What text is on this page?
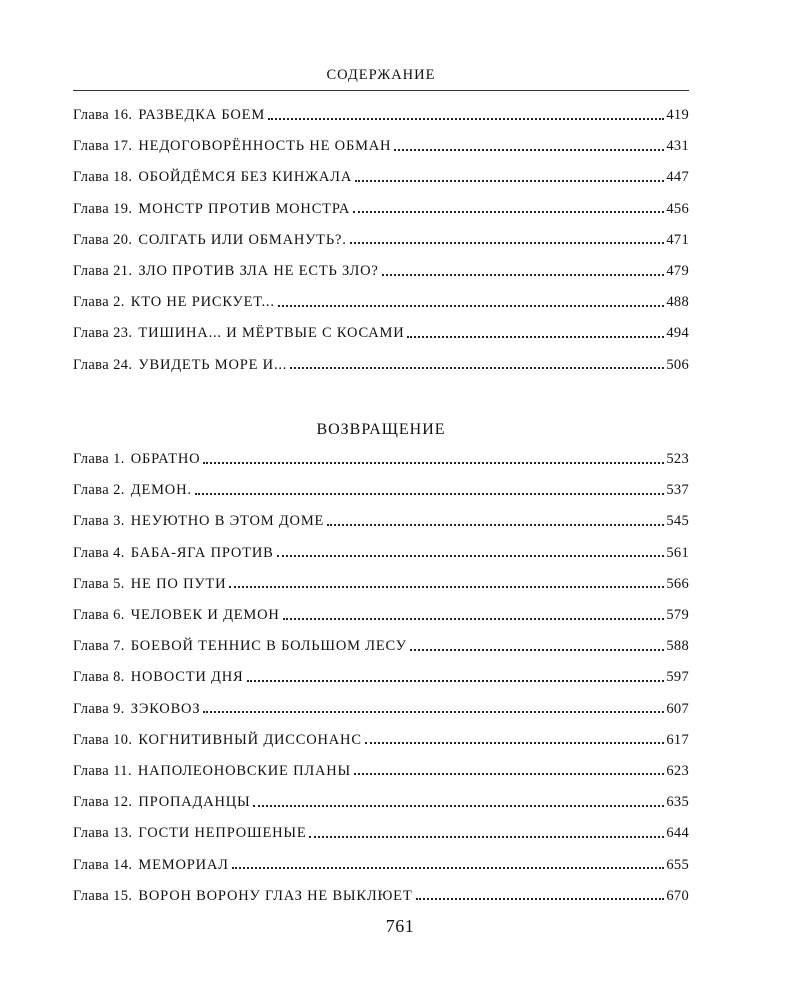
СОДЕРЖАНИЕ
Глава 16. РАЗВЕДКА БОЕМ	419
Глава 17. НЕДОГОВОРЁННОСТЬ НЕ ОБМАН	431
Глава 18. ОБОЙДЁМСЯ БЕЗ КИНЖАЛА	447
Глава 19. МОНСТР ПРОТИВ МОНСТРА	456
Глава 20. СОЛГАТЬ ИЛИ ОБМАНУТЬ?.	471
Глава 21. ЗЛО ПРОТИВ ЗЛА НЕ ЕСТЬ ЗЛО?	479
Глава 2. КТО НЕ РИСКУЕТ...	488
Глава 23. ТИШИНА... И МЁРТВЫЕ С КОСАМИ	494
Глава 24. УВИДЕТЬ МОРЕ И...	506
ВОЗВРАЩЕНИЕ
Глава 1. ОБРАТНО	523
Глава 2. ДЕМОН.	537
Глава 3. НЕУЮТНО В ЭТОМ ДОМЕ	545
Глава 4. БАБА-ЯГА ПРОТИВ	561
Глава 5. НЕ ПО ПУТИ	566
Глава 6. ЧЕЛОВЕК И ДЕМОН	579
Глава 7. БОЕВОЙ ТЕННИС В БОЛЬШОМ ЛЕСУ	588
Глава 8. НОВОСТИ ДНЯ	597
Глава 9. ЗЭКОВОЗ	607
Глава 10. КОГНИТИВНЫЙ ДИССОНАНС	617
Глава 11. НАПОЛЕОНОВСКИЕ ПЛАНЫ	623
Глава 12. ПРОПАДАНЦЫ	635
Глава 13. ГОСТИ НЕПРОШЕНЫЕ	644
Глава 14. МЕМОРИАЛ	655
Глава 15. ВОРОН ВОРОНУ ГЛАЗ НЕ ВЫКЛЮЕТ	670
761
